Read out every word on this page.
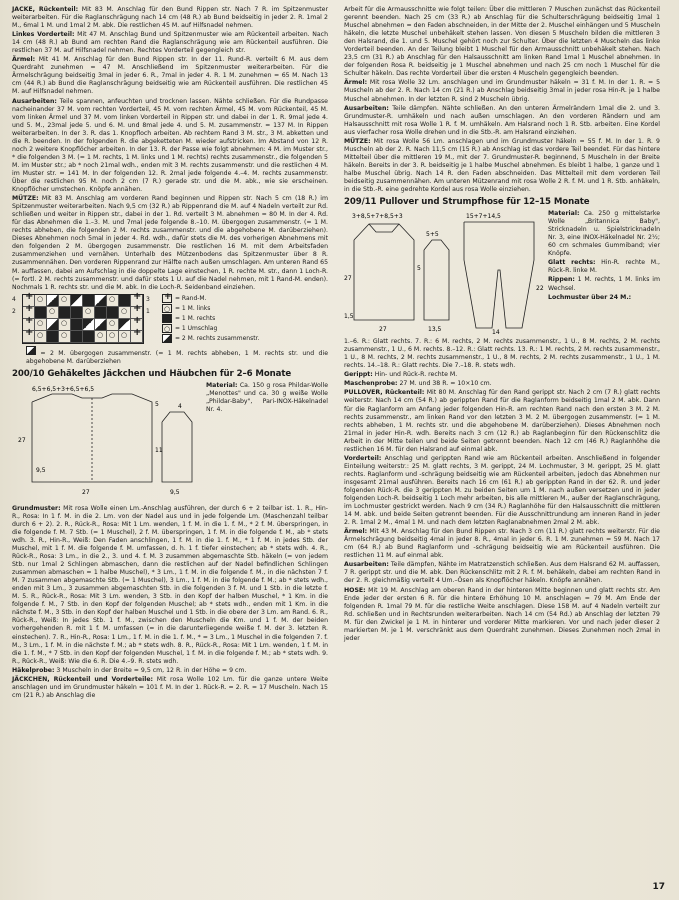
JACKE, Rückenteil: Mit 83 M. Anschlag für den Bund Rippen str. Nach 7 R. im Spitzenmuster weiterarbeiten. Für die Raglanschrägung nach 14 cm (48 R.) ab Bund beidseitig in jeder 2. R. 1mal 2 M., 6mal 1 M. und 1mal 2 M. abk. Die restlichen 45 M. auf Hilfsnadel nehmen.

Linkes Vorderteil: Mit 47 M. Anschlag Bund und Spitzenmuster wie am Rückenteil arbeiten. Nach 14 cm (48 R.) ab Bund am rechten Rand die Raglanschrägung wie am Rückenteil ausführen. Die restlichen 37 M. auf Hilfsnadel nehmen. Rechtes Vorderteil gegengleich str.

Ärmel: Mit 41 M. Anschlag für den Bund Rippen str. In der 11. Rund-R. verteilt 6 M. aus dem Querdraht zunehmen = 47 M. Anschließend im Spitzenmuster weiterarbeiten. Für die Ärmelschrägung beidseitig 3mal in jeder 6. R., 7mal in jeder 4. R. 1 M. zunehmen = 65 M. Nach 13 cm (44 R.) ab Bund die Raglanschrägung beidseitig wie am Rückenteil ausführen. Die restlichen 45 M. auf Hilfsnadel nehmen.

Ausarbeiten: Teile spannen, anfeuchten und trocknen lassen. Nähte schließen. Für die Rundpasse nacheinander 37 M. vom rechten Vorderteil, 45 M. vom rechten Ärmel, 45 M. vom Rückenteil, 45 M. vom linken Ärmel und 37 M. vom linken Vorderteil in Rippen str. und dabei in der 1. R. 9mal jede 4. und 5. M., 23mal jede 5. und 6. M. und 8mal jede 4. und 5. M. zusammenstr. = 137 M. In Rippen weiterarbeiten. In der 3. R. das 1. Knopfloch arbeiten. Ab rechtem Rand 3 M. str., 3 M. abketten und die R. beenden. In der folgenden R. die abgeketteten M. wieder aufstricken. Im Abstand von 12 R. noch 2 weitere Knopflöcher arbeiten. In der 13. R. der Passe wie folgt abnehmen: 4 M. im Muster str., * die folgenden 3 M. (= 1 M. rechts, 1 M. links und 1 M. rechts) rechts zusammenstr., die folgenden 5 M. im Muster str.; ab * noch 21mal wdh., enden mit 3 M. rechts zusammenstr. und die restlichen 4 M. im Muster str. = 141 M. In der folgenden 12. R. 2mal jede folgende 4.–4. M. rechts zusammenstr. Über die restlichen 95 M. noch 2 cm (7 R.) gerade str. und die M. abk., wie sie erscheinen. Knopflöcher umstechen. Knöpfe annähen.

MÜTZE: Mit 83 M. Anschlag am vorderen Rand beginnen und Rippen str. Nach 5 cm (18 R.) im Spitzenmuster weiterarbeiten. Nach 9,5 cm (32 R.) ab Rippenrand die M. auf 4 Nadeln verteilt zur Rd. schließen und weiter in Rippen str., dabei in der 1. Rd. verteilt 3 M. abnehmen = 80 M. In der 4. Rd. für das Abnehmen die 1.–3. M. und 7mal jede folgende 8.–10. M. übergogen zusammenstr. (= 1 M. rechts abheben, die folgenden 2 M. rechts zusammenstr. und die abgehobene M. darüberziehen). Dieses Abnehmen noch 5mal in jeder 4. Rd. wdh., dafür stets die M. des vorherigen Abnehmens mit den folgenden 2 M. übergogen zusammenstr. Die restlichen 16 M. mit dem Arbeitsfaden zusammenziehen und vernähen. Unterhalb des Mützenbodens das Spitzenmuster über 8 R. zusammennähen. Den vorderen Rippenrand zur Hälfte nach außen umschlagen. Am unteren Rand 65 M. auffassen, dabei am Aufschlag in die doppelte Lage einstechen, 1 R. rechte M. str., dann 1 Loch-R. (= fortl. 2 M. rechts zusammenstr. und dafür stets 1 U. auf die Nadel nehmen, mit 1 Rand-M. enden). Nochmals 1 R. rechts str. und die M. abk. In die Loch-R. Seidenband einziehen.

4
2
+
○
○
○
+
+
○
○
○
+
+
○
○
○
+
+
○
○
○
○
○
+
3
1
+
= Rand-M.
○
= 1 M. links
= 1 M. rechts
○
= 1 Umschlag
= 2 M. rechts zusammenstr.

= 2 M. übergogen zusammenstr. (= 1 M. rechts abheben, 1 M. rechts str. und die abgehobene M. darüberziehen

200/10 Gehäkeltes Jäckchen und Häubchen für 2–6 Monate
6,5+6,5+3+6,5+6,5
27
27
5
11
9,5
9,5
4

Material: Ca. 150 g rosa Phildar-Wolle „Menottes" und ca. 30 g weiße Wolle „Phildar-Baby", Pari-INOX-Häkelnadel Nr. 4.

Grundmuster: Mit rosa Wolle einen Lm.-Anschlag ausführen, der durch 6 + 2 teilbar ist. 1. R., Hin-R., Rosa: In 1 f. M. in die 2. Lm. von der Nadel aus und in jede folgende Lm. (Maschenzahl teilbar durch 6 + 2). 2. R., Rück-R., Rosa: Mit 1 Lm. wenden, 1 f. M. in die 1. f. M., * 2 f. M. überspringen, in die folgende f. M. 7 Stb. (= 1 Muschel), 2 f. M. überspringen, 1 f. M. in die folgende f. M., ab * stets wdh. 3. R., Hin-R., Weiß: Den Faden anschlingen, 1 f. M. in die 1. f. M., * 1 f. M. in jedes Stb. der Muschel, mit 1 f. M. die folgende f. M. umfassen, d. h. 1 f. tiefer einstechen; ab * stets wdh. 4. R., Rück-R., Rosa: 3 Lm., in die 2., 3. und 4. f. M. 3 zusammen abgemaschte Stb. häkeln (= von jedem Stb. nur 1mal 2 Schlingen abmaschen, dann die restlichen auf der Nadel befindlichen Schlingen zusammen abmaschen = 1 halbe Muschel), * 3 Lm., 1 f. M. in die folgende f. M., in die nächsten 7 f. M. 7 zusammen abgemaschte Stb. (= 1 Muschel), 3 Lm., 1 f. M. in die folgende f. M.; ab * stets wdh., enden mit 3 Lm., 3 zusammen abgemaschten Stb. in die folgenden 3 f. M. und 1 Stb. in die letzte f. M. 5. R., Rück-R., Rosa: Mit 3 Lm. wenden, 3 Stb. in den Kopf der halben Muschel, * 1 Km. in die folgende f. M., 7 Stb. in den Kopf der folgenden Muschel; ab * stets wdh., enden mit 1 Km. in die nächste f. M., 3 Stb. in den Kopf der halben Muschel und 1 Stb. in die obere der 3 Lm. am Rand. 6. R., Rück-R., Weiß: In jedes Stb. 1 f. M., zwischen den Muscheln die Km. und 1 f. M. der beiden vorhergehenden R. mit 1 f. M. umfassen (= in die darunterliegende weiße f. M. der 3. letzten R. einstechen). 7. R., Hin-R., Rosa: 1 Lm., 1 f. M. in die 1. f. M., * = 3 Lm., 1 Muschel in die folgenden 7. f. M., 3 Lm., 1 f. M. in die nächste f. M.; ab * stets wdh. 8. R., Rück-R., Rosa: Mit 1 Lm. wenden, 1 f. M. in die 1. f. M., * 7 Stb. in den Kopf der folgenden Muschel, 1 f. M. in die folgende f. M.; ab * stets wdh. 9. R., Rück-R., Weiß: Wie die 6. R. Die 4.–9. R. stets wdh.

Häkelprobe: 3 Muscheln in der Breite = 9,5 cm, 12 R. in der Höhe = 9 cm.

JÄCKCHEN, Rückenteil und Vorderteile: Mit rosa Wolle 102 Lm. für die ganze untere Weite anschlagen und im Grundmuster häkeln = 101 f. M. In der 1. Rück-R. = 2. R. = 17 Muscheln. Nach 15 cm (21 R.) ab Anschlag die

Arbeit für die Armausschnitte wie folgt teilen: Über die mittleren 7 Muschen zunächst das Rückenteil gerennt beenden. Nach 25 cm (33 R.) ab Anschlag für die Schulterschrägung beidseitig 1mal 1 Muschel abnehmen = den Faden abschneiden, in der Mitte der 2. Muschel einhängen und 5 Muscheln häkeln, die letzte Muschel unbehäkelt stehen lassen. Von diesen 5 Muscheln bilden die mittleren 3 den Halsrand, die 1. und 5. Muschel gehört noch zur Schulter. Über die letzten 4 Muscheln das linke Vorderteil beenden. An der Teilung bleibt 1 Muschel für den Armausschnitt unbehäkelt stehen. Nach 23,5 cm (31 R.) ab Anschlag für den Halsausschnitt am linken Rand 1mal 1 Muschel abnehmen. In der folgenden Rosa R. beidseitig je 1 Muschel abnehmen und nach 25 cm noch 1 Muschel für die Schulter häkeln. Das rechte Vorderteil über die ersten 4 Muscheln gegengleich beenden.

Ärmel: Mit rosa Wolle 32 Lm. anschlagen und im Grundmuster häkeln = 31 f. M. In der 1. R. = 5 Muscheln ab der 2. R. Nach 14 cm (21 R.) ab Anschlag beidseitig 3mal in jeder rosa Hin-R. je 1 halbe Muschel abnehmen. In der letzten R. sind 2 Muscheln übrig.

Ausarbeiten: Teile dämpfen. Nähte schließen. An den unteren Ärmelrändern 1mal die 2. und 3. Grundmuster-R. umhäkeln und nach außen umschlagen. An den vorderen Rändern und am Halsausschnitt mit rosa Wolle 1 R. f. M. umhäkeln. Am Halsrand noch 1 R. Stb. arbeiten. Eine Kordel aus vierfacher rosa Wolle drehen und in die Stb.-R. am Halsrand einziehen.

MÜTZE: Mit rosa Wolle 56 Lm. anschlagen und im Grundmuster häkeln = 55 f. M. In der 1. R. 9 Muscheln ab der 2. R. Nach 11,5 cm (15 R.) ab Anschlag ist das vordere Teil beendet. Für das hintere Mittelteil über die mittleren 19 M., mit der 7. Grundmuster-R. beginnend, 5 Muscheln in der Breite häkeln. Bereits in der 3. R. beidseitig je 1 halbe Muschel abnehmen. Es bleibt 1 halbe, 1 ganze und 1 halbe Muschel übrig. Nach 14 R. den Faden abschneiden. Das Mittelteil mit dem vorderen Teil beidseitig zusammennähen. Am unteren Mützenrand mit rosa Wolle 2 R. f. M. und 1 R. Stb. anhäkeln, in die Stb.-R. eine gedrehte Kordel aus rosa Wolle einziehen.

209/11 Pullover und Strumpfhose für 12–15 Monate
3+8,5+7+8,5+3
27
1,5
27
5
5+5
13,5
15+7+14,5
22
14

Material: Ca. 250 g mittelstarke Wolle „Britannica Baby", Stricknadeln u. Spielstricknadeln Nr. 3, eine INOX-Häkelnadel Nr. 2½; 60 cm schmales Gummiband; vier Knöpfe.

Glatt rechts: Hin-R. rechte M., Rück-R. linke M.

Rippen: 1 M. rechts, 1 M. links im Wechsel.

Lochmuster über 24 M.:

1.–6. R.: Glatt rechts. 7. R.: 6 M. rechts, 2 M. rechts zusammenstr., 1 U., 8 M. rechts, 2 M. rechts zusammenstr., 1 U., 6 M. rechts. 8.–12. R.: Glatt rechts. 13. R.: 1 M. rechts, 2 M. rechts zusammenstr., 1 U., 8 M. rechts, 2 M. rechts zusammenstr., 1 U., 8 M. rechts, 2 M. rechts zusammenstr., 1 U., 1 M. rechts. 14.–18. R.: Glatt rechts. Die 7.–18. R. stets wdh.

Gerippt: Hin- und Rück-R. rechte M.

Maschenprobe: 27 M. und 38 R. = 10×10 cm.

PULLOVER, Rückenteil: Mit 80 M. Anschlag für den Rand gerippt str. Nach 2 cm (7 R.) glatt rechts weiterstr. Nach 14 cm (54 R.) ab gerippten Rand für die Raglanform beidseitig 1mal 2 M. abk. Dann für die Raglanform am Anfang jeder folgenden Hin-R. am rechten Rand nach den ersten 3 M. 2 M. rechts zusammenstr., am linken Rand vor den letzten 3 M. 2 M. übergogen zusammenstr. (= 1 M. rechts abheben, 1 M. rechts str. und die abgehobene M. darüberziehen). Dieses Abnehmen noch 21mal in jeder Hin-R. wdh. Bereits nach 3 cm (12 R.) ab Raglanbeginn für den Rückenschlitz die Arbeit in der Mitte teilen und beide Seiten getrennt beenden. Nach 12 cm (46 R.) Raglanhöhe die restlichen 16 M. für den Halsrand auf einmal abk.

Vorderteil: Anschlag und gerippten Rand wie am Rückenteil arbeiten. Anschließend in folgender Einteilung weiterstr.: 25 M. glatt rechts, 3 M. gerippt, 24 M. Lochmuster, 3 M. gerippt, 25 M. glatt rechts. Raglanform und -schrägung beidseitig wie am Rückenteil arbeiten, jedoch das Abnehmen nur insgesamt 21mal ausführen. Bereits nach 16 cm (61 R.) ab gerippten Rand in der 62. R. und jeder folgenden Rück-R. die 3 gerippten M. zu beiden Seiten um 1 M. nach außen versetzen und in jeder folgenden Loch-R. beidseitig 1 Loch mehr arbeiten, bis alle mittleren M., außer der Raglanschrägung, im Lochmuster gestrickt werden. Nach 9 cm (34 R.) Raglanhöhe für den Halsausschnitt die mittleren 14 M. abk. und beide Seiten getrennt beenden. Für die Ausschnittrundung am inneren Rand in jeder 2. R. 1mal 2 M., 4mal 1 M. und nach dem letzten Raglanabnehmen 2mal 2 M. abk.

Ärmel: Mit 43 M. Anschlag für den Bund Rippen str. Nach 3 cm (11 R.) glatt rechts weiterstr. Für die Ärmelschrägung beidseitig 4mal in jeder 8. R., 4mal in jeder 6. R. 1 M. zunehmen = 59 M. Nach 17 cm (64 R.) ab Bund Raglanform und -schrägung beidseitig wie am Rückenteil ausführen. Die restlichen 11 M. auf einmal abk.

Ausarbeiten: Teile dämpfen, Nähte im Matratzenstich schließen. Aus dem Halsrand 62 M. auffassen, 7 R. gerippt str. und die M. abk. Den Rückenschlitz mit 2 R. f. M. behäkeln, dabei am rechten Rand in der 2. R. gleichmäßig verteilt 4 Um.–Ösen als Knopflöcher häkeln. Knöpfe annähen.

HOSE: Mit 19 M. Anschlag am oberen Rand in der hinteren Mitte beginnen und glatt rechts str. Am Ende jeder der ersten 6 R. für die hintere Erhöhung 10 M. anschlagen = 79 M. Am Ende der folgenden R. 1mal 79 M. für die restliche Weite anschlagen. Diese 158 M. auf 4 Nadeln verteilt zur Rd. schließen und in Rechtsrunden weiterarbeiten. Nach 14 cm (54 Rd.) ab Anschlag der letzten 79 M. für den Zwickel je 1 M. in hinterer und vorderer Mitte markieren. Vor und nach jeder dieser 2 markierten M. je 1 M. verschränkt aus dem Querdraht zunehmen. Dieses Zunehmen noch 2mal in jeder

17
